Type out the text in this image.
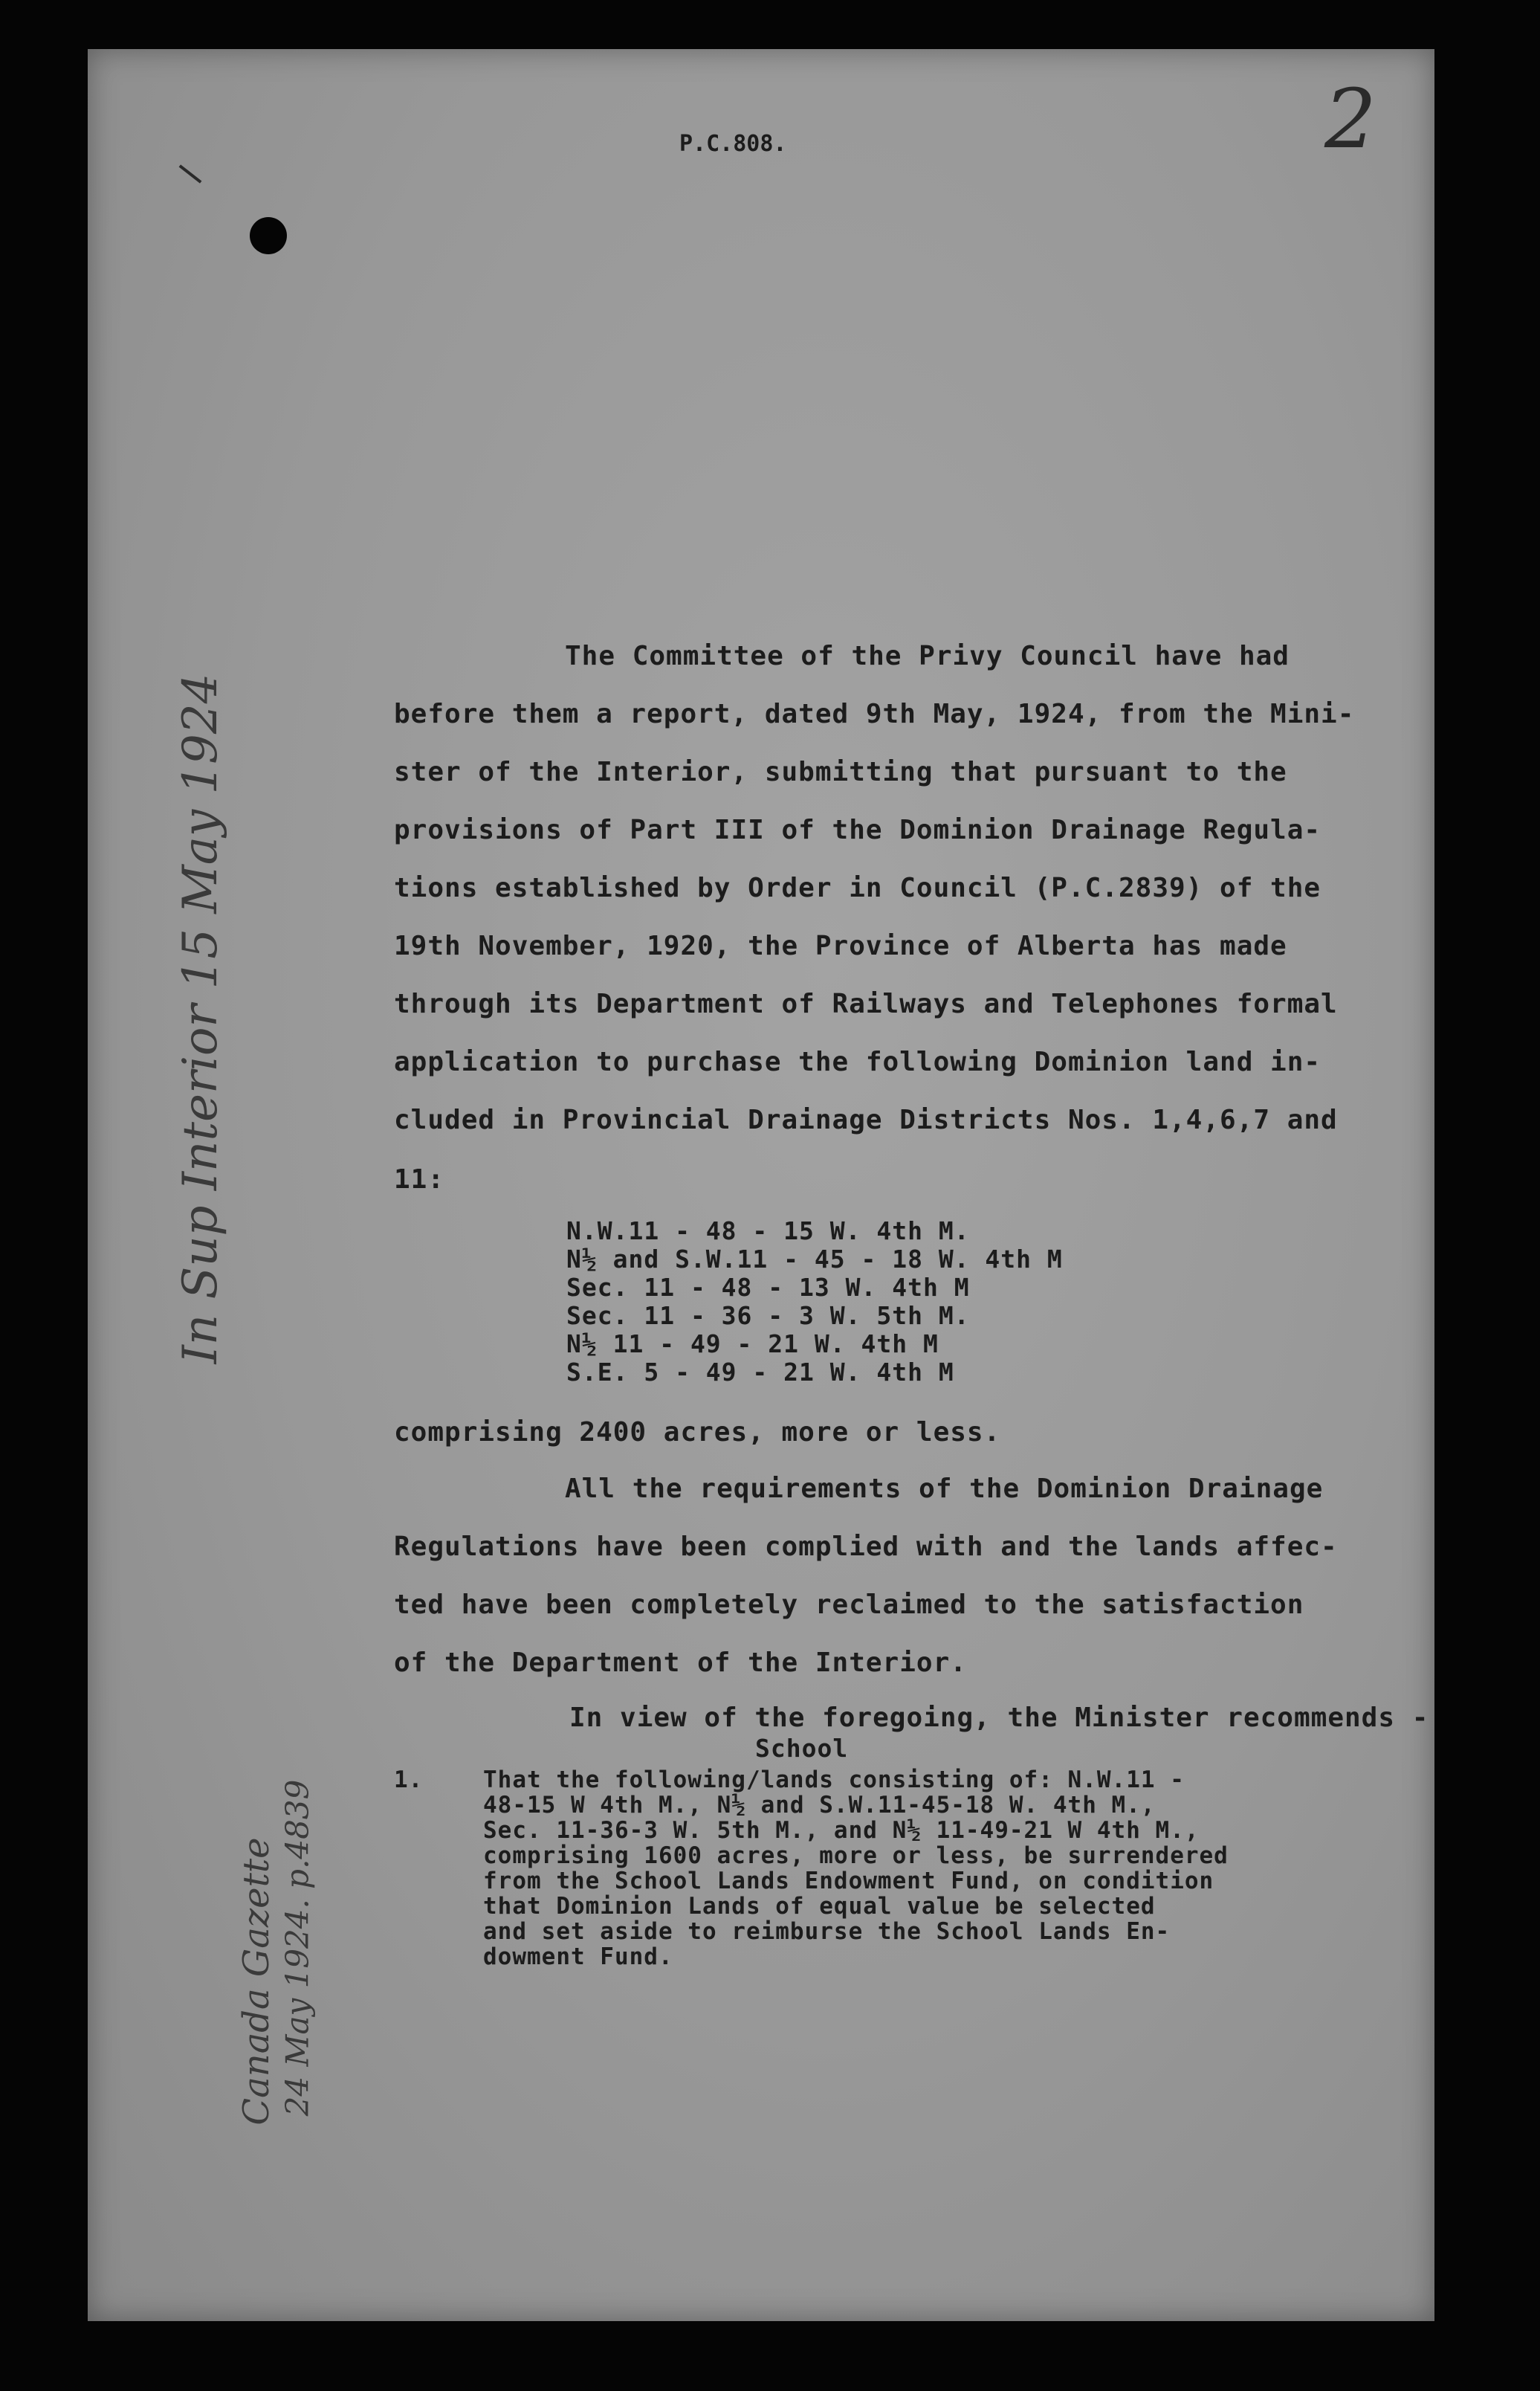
P.C.808.	2

The Committee of the Privy Council have had

before them a report, dated 9th May, 1924, from the Mini-

ster of the Interior, submitting that pursuant to the

provisions of Part III of the Dominion Drainage Regula-

tions established by Order in Council (P.C.2839) of the

19th November, 1920, the Province of Alberta has made

through its Department of Railways and Telephones formal

application to purchase the following Dominion land in-

cluded in Provincial Drainage Districts Nos. 1,4,6,7 and

11:

N.W.11 - 48 - 15 W. 4th M.

N½ and S.W.11 - 45 - 18 W. 4th M

Sec. 11 - 48 - 13 W. 4th M

Sec. 11 - 36 - 3 W. 5th M.

N½ 11 - 49 - 21 W. 4th M

S.E. 5 - 49 - 21 W. 4th M

comprising 2400 acres, more or less.

All the requirements of the Dominion Drainage

Regulations have been complied with and the lands affec-

ted have been completely reclaimed to the satisfaction

of the Department of the Interior.

In view of the foregoing, the Minister recommends -

School

1.	That the following/lands consisting of: N.W.11 -

48-15 W 4th M., N½ and S.W.11-45-18 W. 4th M.,

Sec. 11-36-3 W. 5th M., and N½ 11-49-21 W 4th M.,

comprising 1600 acres, more or less, be surrendered

from the School Lands Endowment Fund, on condition

that Dominion Lands of equal value be selected

and set aside to reimburse the School Lands En-

dowment Fund.

In Sup Interior 15 May 1924

Canada Gazette 24 May 1924. p.4839
